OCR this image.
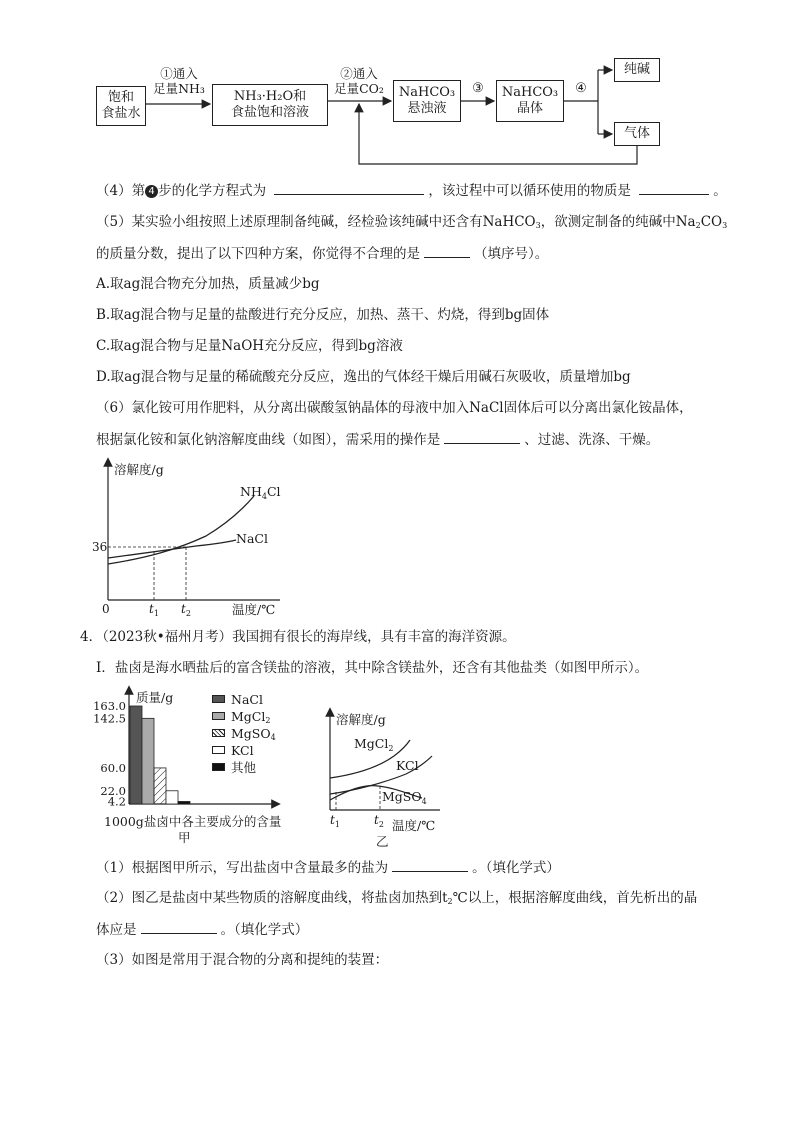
饱和
食盐水
①通入
足量NH₃
NH₃·H₂O和
食盐饱和溶液
②通入
足量CO₂	NaHCO₃
悬浊液
③	NaHCO₃
晶体
④
纯碱
气体
（4）第 4 步的化学方程式为	，该过程中可以循环使用的物质是	。
（5）某实验小组按照上述原理制备纯碱，经检验该纯碱中还含有NaHCO$_3$，欲测定制备的纯碱中$Na_2CO_3$
的质量分数，提出了以下四种方案，你觉得不合理的是	（填序号）。
A.取ag混合物充分加热，质量减少bg
B.取ag混合物与足量的盐酸进行充分反应，加热、蒸干、灼烧，得到bg固体
C.取ag混合物与足量NaOH充分反应，得到bg溶液
D.取ag混合物与足量的稀硫酸充分反应，逸出的气体经干燥后用碱石灰吸收，质量增加bg
（6）氯化铵可用作肥料，从分离出碳酸氢钠晶体的母液中加入NaCl固体后可以分离出氯化铵晶体，
根据氯化铵和氯化钠溶解度曲线（如图），需采用的操作是	、过滤、洗涤、干燥。
溶解度/g
0
36
$NH_4Cl$
NaCl
$t_1$ $t_2$	温度/℃
4．（2023秋•福州月考）我国拥有很长的海岸线，具有丰富的海洋资源。
Ⅰ．盐卤是海水晒盐后的富含镁盐的溶液，其中除含镁盐外，还含有其他盐类（如图甲所示）。
质量/g
163.0
142.5
60.0
22.0
4.2
1000g盐卤中各主要成分的含量
甲
NaCl
MgCl$_2$
MgSO$_4$
KCl
其他
溶解度/g
MgCl$_2$
KCl
MgSO$_4$
$t_1$	$t_2$ 温度/℃
乙
（1）根据图甲所示，写出盐卤中含量最多的盐为	。（填化学式）
（2）图乙是盐卤中某些物质的溶解度曲线，将盐卤加热到$t_2℃$以上，根据溶解度曲线，首先析出的晶
体应是	。（填化学式）
（3）如图是常用于混合物的分离和提纯的装置：
